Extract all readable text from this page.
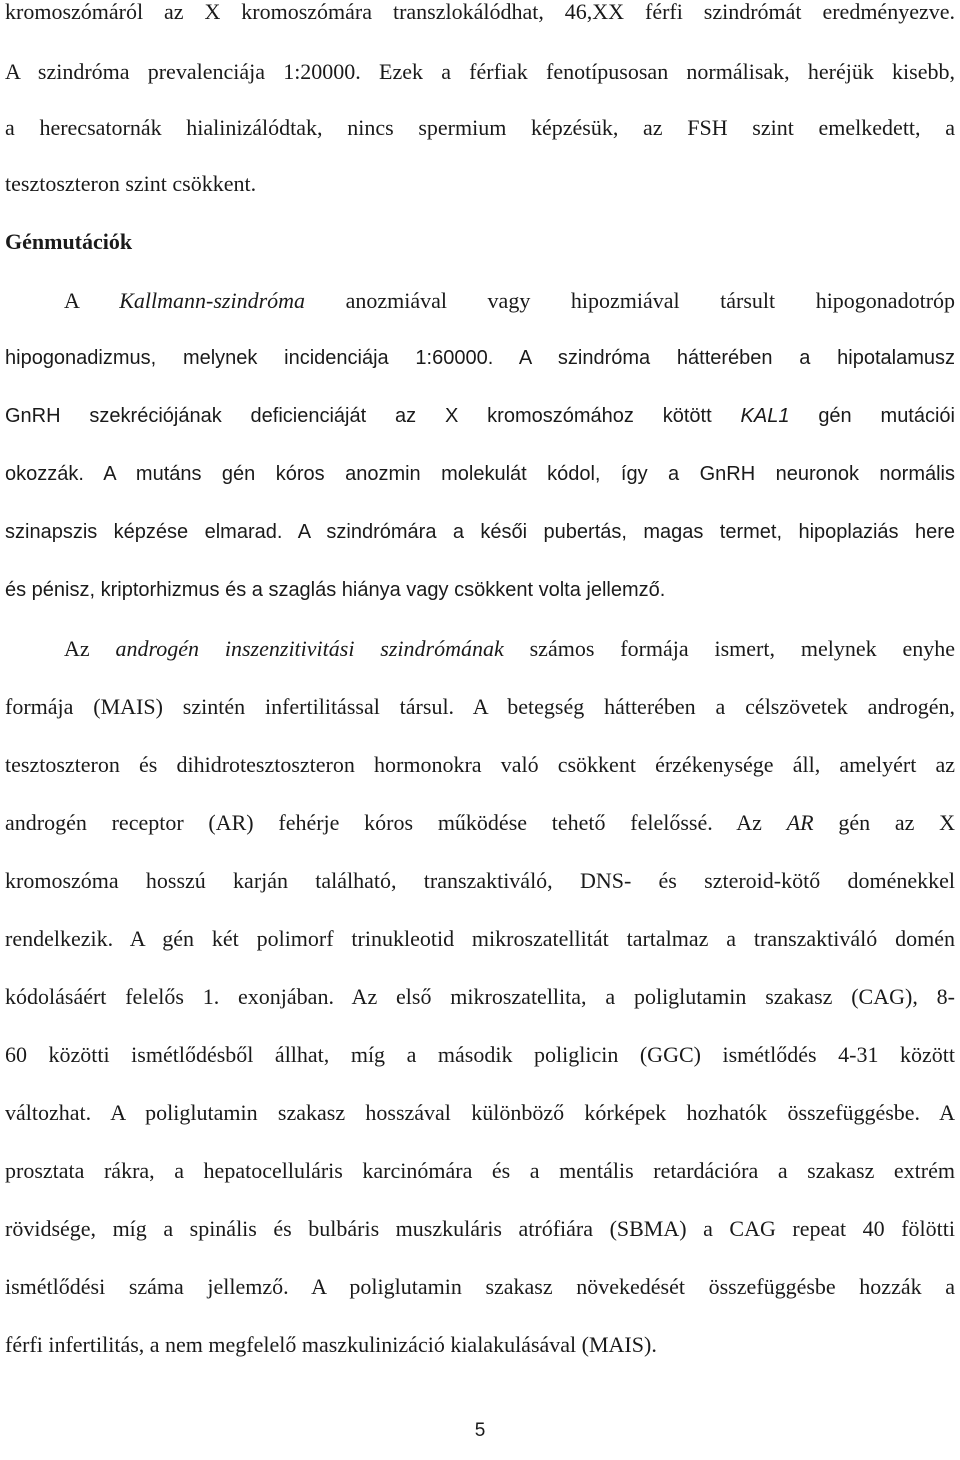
kromoszómáról az X kromoszómára transzlokálódhat, 46,XX férfi szindrómát eredményezve.
A szindróma prevalenciája 1:20000. Ezek a férfiak fenotípusosan normálisak, heréjük kisebb,
a herecsatornák hialinizálódtak, nincs spermium képzésük, az FSH szint emelkedett, a
tesztoszteron szint csökkent.
Génmutációk
A Kallmann-szindróma anozmiával vagy hipozmiával társult hipogonadotróp
hipogonadizmus, melynek incidenciája 1:60000. A szindróma hátterében a hipotalamusz
GnRH szekréciójának deficienciáját az X kromoszómához kötött KAL1 gén mutációi
okozzák. A mutáns gén kóros anozmin molekulát kódol, így a GnRH neuronok normális
szinapszis képzése elmarad. A szindrómára a késői pubertás, magas termet, hipoplaziás here
és pénisz, kriptorhizmus és a szaglás hiánya vagy csökkent volta jellemző.
Az androgén inszenzitivitási szindrómának számos formája ismert, melynek enyhe
formája (MAIS) szintén infertilitással társul. A betegség hátterében a célszövetek androgén,
tesztoszteron és dihidrotesztoszteron hormonokra való csökkent érzékenysége áll, amelyért az
androgén receptor (AR) fehérje kóros működése tehető felelőssé. Az AR gén az X
kromoszóma hosszú karján található, transzaktiváló, DNS- és szteroid-kötő doménekkel
rendelkezik. A gén két polimorf trinukleotid mikroszatellitát tartalmaz a transzaktiváló domén
kódolásáért felelős 1. exonjában. Az első mikroszatellita, a poliglutamin szakasz (CAG), 8-
60 közötti ismétlődésből állhat, míg a második poliglicin (GGC) ismétlődés 4-31 között
változhat. A poliglutamin szakasz hosszával különböző kórképek hozhatók összefüggésbe. A
prosztata rákra, a hepatocelluláris karcinómára és a mentális retardációra a szakasz extrém
rövidsége, míg a spinális és bulbáris muszkuláris atrófiára (SBMA) a CAG repeat 40 fölötti
ismétlődési száma jellemző. A poliglutamin szakasz növekedését összefüggésbe hozzák a
férfi infertilitás, a nem megfelelő maszkulinizáció kialakulásával (MAIS).
5
